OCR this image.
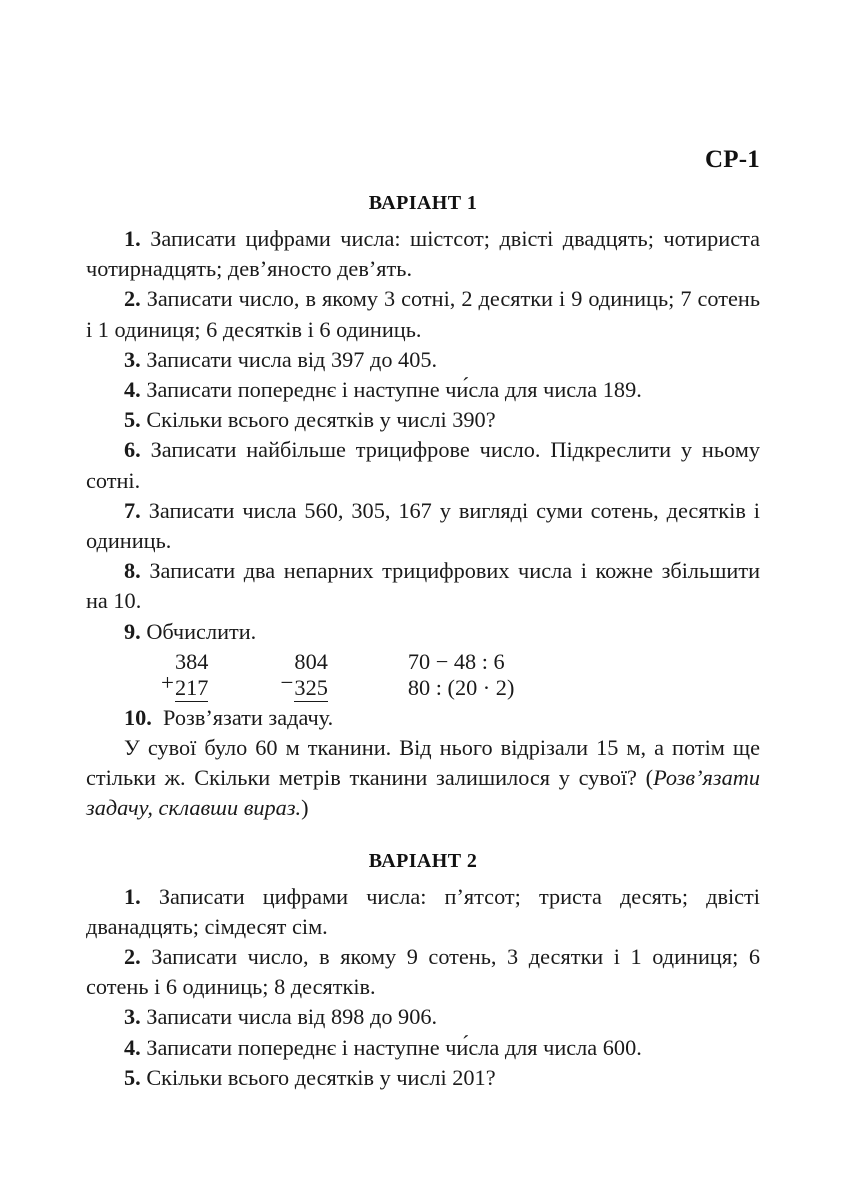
СР-1
ВАРІАНТ 1

1. Записати цифрами числа: шістсот; двісті двадцять; чотириста чотирнадцять; дев’яносто дев’ять.

2. Записати число, в якому 3 сотні, 2 десятки і 9 одиниць; 7 сотень і 1 одиниця; 6 десятків і 6 одиниць.

3. Записати числа від 397 до 405.

4. Записати попереднє і наступне чи́сла для числа 189.

5. Скільки всього десятків у числі 390?

6. Записати найбільше трицифрове число. Підкреслити у ньому сотні.

7. Записати числа 560, 305, 167 у вигляді суми сотень, десятків і одиниць.

8. Записати два непарних трицифрових числа і кожне збільшити на 10.

9. Обчислити.

+
384
217	−
804
325
70 − 48 : 6
80 : (20 · 2)

10. Розв’язати задачу.

У сувої було 60 м тканини. Від нього відрізали 15 м, а потім ще стільки ж. Скільки метрів тканини залишилося у сувої? (Розв’язати задачу, склавши вираз.)

ВАРІАНТ 2

1. Записати цифрами числа: п’ятсот; триста десять; двісті дванадцять; сімдесят сім.

2. Записати число, в якому 9 сотень, 3 десятки і 1 одиниця; 6 сотень і 6 одиниць; 8 десятків.

3. Записати числа від 898 до 906.

4. Записати попереднє і наступне чи́сла для числа 600.

5. Скільки всього десятків у числі 201?
